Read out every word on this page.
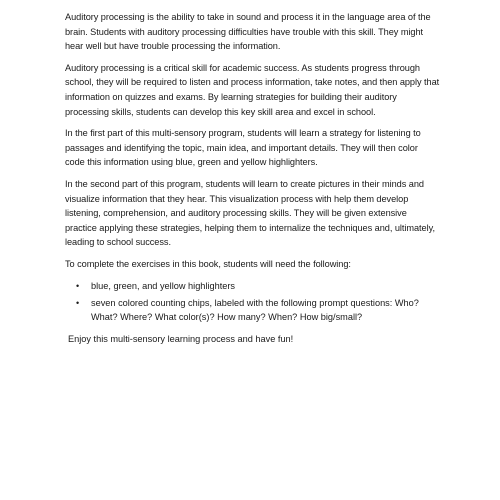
Auditory processing is the ability to take in sound and process it in the language area of the brain. Students with auditory processing difficulties have trouble with this skill. They might hear well but have trouble processing the information.

Auditory processing is a critical skill for academic success. As students progress through school, they will be required to listen and process information, take notes, and then apply that information on quizzes and exams. By learning strategies for building their auditory processing skills, students can develop this key skill area and excel in school.

In the first part of this multi-sensory program, students will learn a strategy for listening to passages and identifying the topic, main idea, and important details. They will then color code this information using blue, green and yellow highlighters.

In the second part of this program, students will learn to create pictures in their minds and visualize information that they hear. This visualization process with help them develop listening, comprehension, and auditory processing skills. They will be given extensive practice applying these strategies, helping them to internalize the techniques and, ultimately, leading to school success.

To complete the exercises in this book, students will need the following:

• blue, green, and yellow highlighters
• seven colored counting chips, labeled with the following prompt questions: Who? What? Where? What color(s)? How many? When? How big/small?

Enjoy this multi-sensory learning process and have fun!
